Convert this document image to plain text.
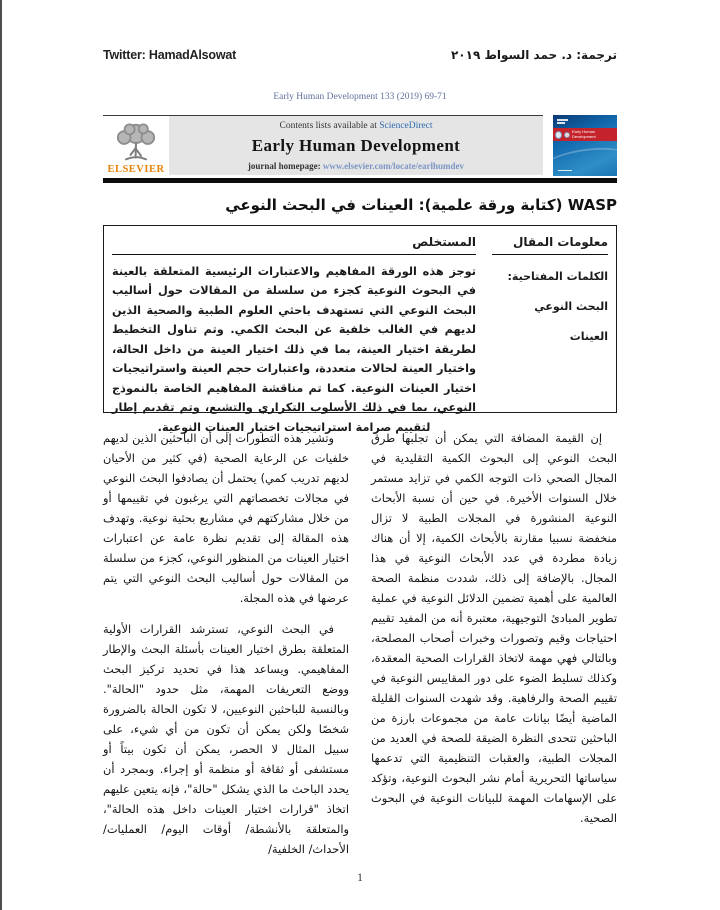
Twitter: HamadAlsowat	ترجمة: د. حمد السواط ٢٠١٩
Early Human Development 133 (2019) 69-71
ELSEVIER
Contents lists available at ScienceDirect
Early Human Development
journal homepage: www.elsevier.com/locate/earlhumdev
Early Human Development
WASP (كتابة ورقة علمية): العينات في البحث النوعي
معلومات المقال
الكلمات المفتاحية:
البحث النوعي
العينات
المستخلص
توجز هذه الورقة المفاهيم والاعتبارات الرئيسية المتعلقة بالعينة في البحوث النوعية كجزء من سلسلة من المقالات حول أساليب البحث النوعي التي تستهدف باحثي العلوم الطبية والصحية الذين لديهم في الغالب خلفية عن البحث الكمي. وتم تناول التخطيط لطريقة اختيار العينة، بما في ذلك اختيار العينة من داخل الحالة، واختيار العينة لحالات متعددة، واعتبارات حجم العينة واستراتيجيات اختيار العينات النوعية. كما تم مناقشة المفاهيم الخاصة بالنموذج النوعي، بما في ذلك الأسلوب التكراري والتشبع، وتم تقديم إطار لتقييم صرامة استراتيجيات اختيار العينات النوعية.

إن القيمة المضافة التي يمكن أن تجلبها طرق البحث النوعي إلى البحوث الكمية التقليدية في المجال الصحي ذات التوجه الكمي في تزايد مستمر خلال السنوات الأخيرة. في حين أن نسبة الأبحاث النوعية المنشورة في المجلات الطبية لا تزال منخفضة نسبيا مقارنة بالأبحاث الكمية، إلا أن هناك زيادة مطردة في عدد الأبحاث النوعية في هذا المجال. بالإضافة إلى ذلك، شددت منظمة الصحة العالمية على أهمية تضمين الدلائل النوعية في عملية تطوير المبادئ التوجيهية، معتبرة أنه من المفيد تقييم احتياجات وقيم وتصورات وخبرات أصحاب المصلحة، وبالتالي فهي مهمة لاتخاذ القرارات الصحية المعقدة، وكذلك تسليط الضوء على دور المقاييس النوعية في تقييم الصحة والرفاهية. وقد شهدت السنوات القليلة الماضية أيضًا بيانات عامة من مجموعات بارزة من الباحثين تتحدى النظرة الضيقة للصحة في العديد من المجلات الطبية، والعقبات التنظيمية التي تدعمها سياساتها التحريرية أمام نشر البحوث النوعية، وتؤكد على الإسهامات المهمة للبيانات النوعية في البحوث الصحية.

وتشير هذه التطورات إلى أن الباحثين الذين لديهم خلفيات عن الرعاية الصحية (في كثير من الأحيان لديهم تدريب كمي) يحتمل أن يصادفوا البحث النوعي في مجالات تخصصاتهم التي يرغبون في تقييمها أو من خلال مشاركتهم في مشاريع بحثية نوعية. وتهدف هذه المقالة إلى تقديم نظرة عامة عن اعتبارات اختيار العينات من المنظور النوعي، كجزء من سلسلة من المقالات حول أساليب البحث النوعي التي يتم عرضها في هذه المجلة.

في البحث النوعي، تسترشد القرارات الأولية المتعلقة بطرق اختيار العينات بأسئلة البحث والإطار المفاهيمي. ويساعد هذا في تحديد تركيز البحث ووضع التعريفات المهمة، مثل حدود "الحالة". وبالنسبة للباحثين النوعيين، لا تكون الحالة بالضرورة شخصًا ولكن يمكن أن تكون من أي شيء، على سبيل المثال لا الحصر، يمكن أن تكون بيتاً أو مستشفى أو ثقافة أو منظمة أو إجراء. وبمجرد أن يحدد الباحث ما الذي يشكل "حالة"، فإنه يتعين عليهم اتخاذ "قرارات اختيار العينات داخل هذه الحالة"، والمتعلقة بالأنشطة/ أوقات اليوم/ العمليات/ الأحداث/ الخلفية/

1
